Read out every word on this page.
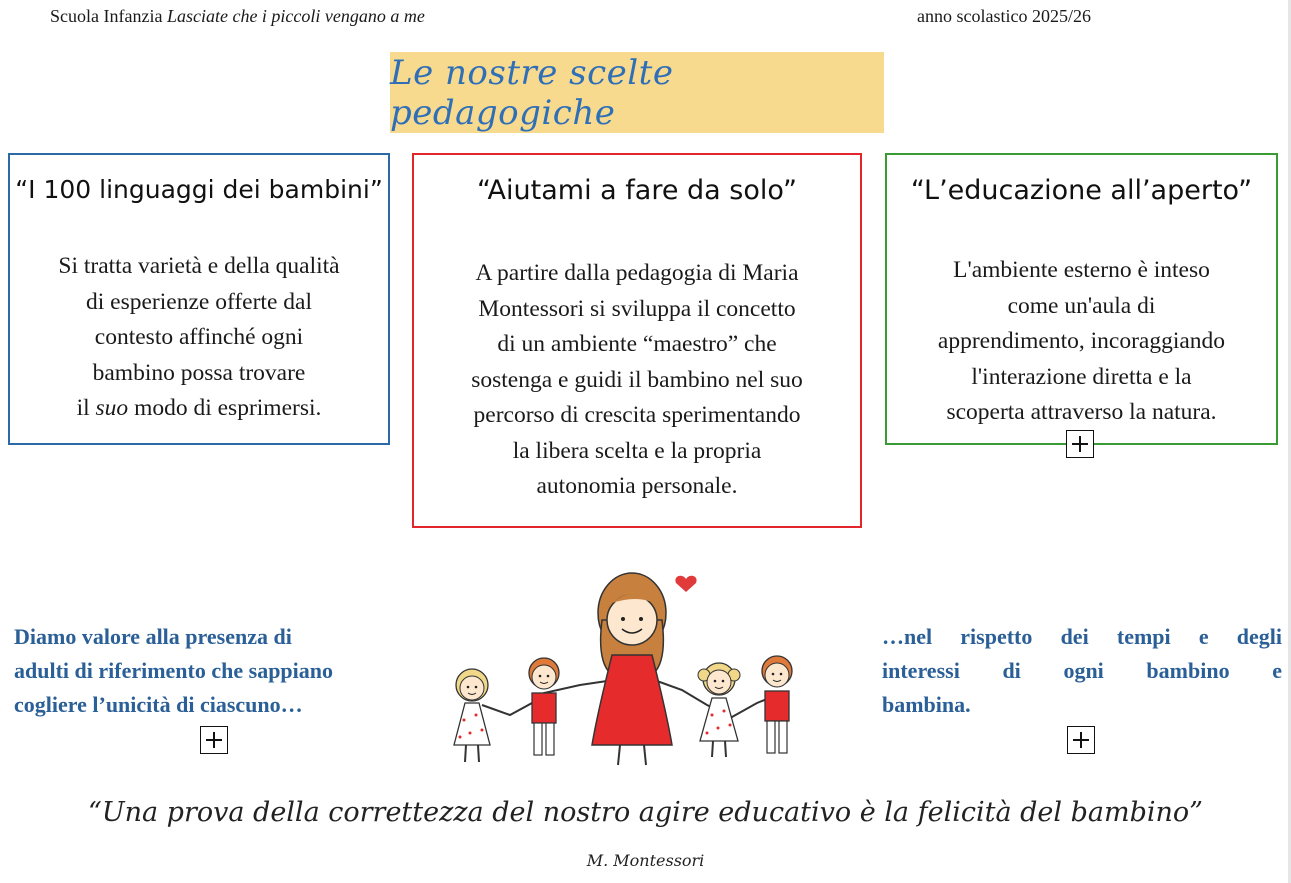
Scuola Infanzia Lasciate che i piccoli vengano a me	anno scolastico 2025/26
Le nostre scelte pedagogiche
“I 100 linguaggi dei bambini”

Si tratta varietà e della qualità
di esperienze offerte dal
contesto affinché ogni
bambino possa trovare
il suo modo di esprimersi.

“Aiutami a fare da solo”

A partire dalla pedagogia di Maria
Montessori si sviluppa il concetto
di un ambiente “maestro” che
sostenga e guidi il bambino nel suo
percorso di crescita sperimentando
la libera scelta e la propria
autonomia personale.

“L’educazione all’aperto”

L'ambiente esterno è inteso
come un'aula di
apprendimento, incoraggiando
l'interazione diretta e la
scoperta attraverso la natura.

Diamo valore alla presenza di
adulti di riferimento che sappiano
cogliere l’unicità di ciascuno…
…nel rispetto dei tempi e degli
interessi di ogni bambino e
bambina.
“Una prova della correttezza del nostro agire educativo è la felicità del bambino”
M. Montessori
